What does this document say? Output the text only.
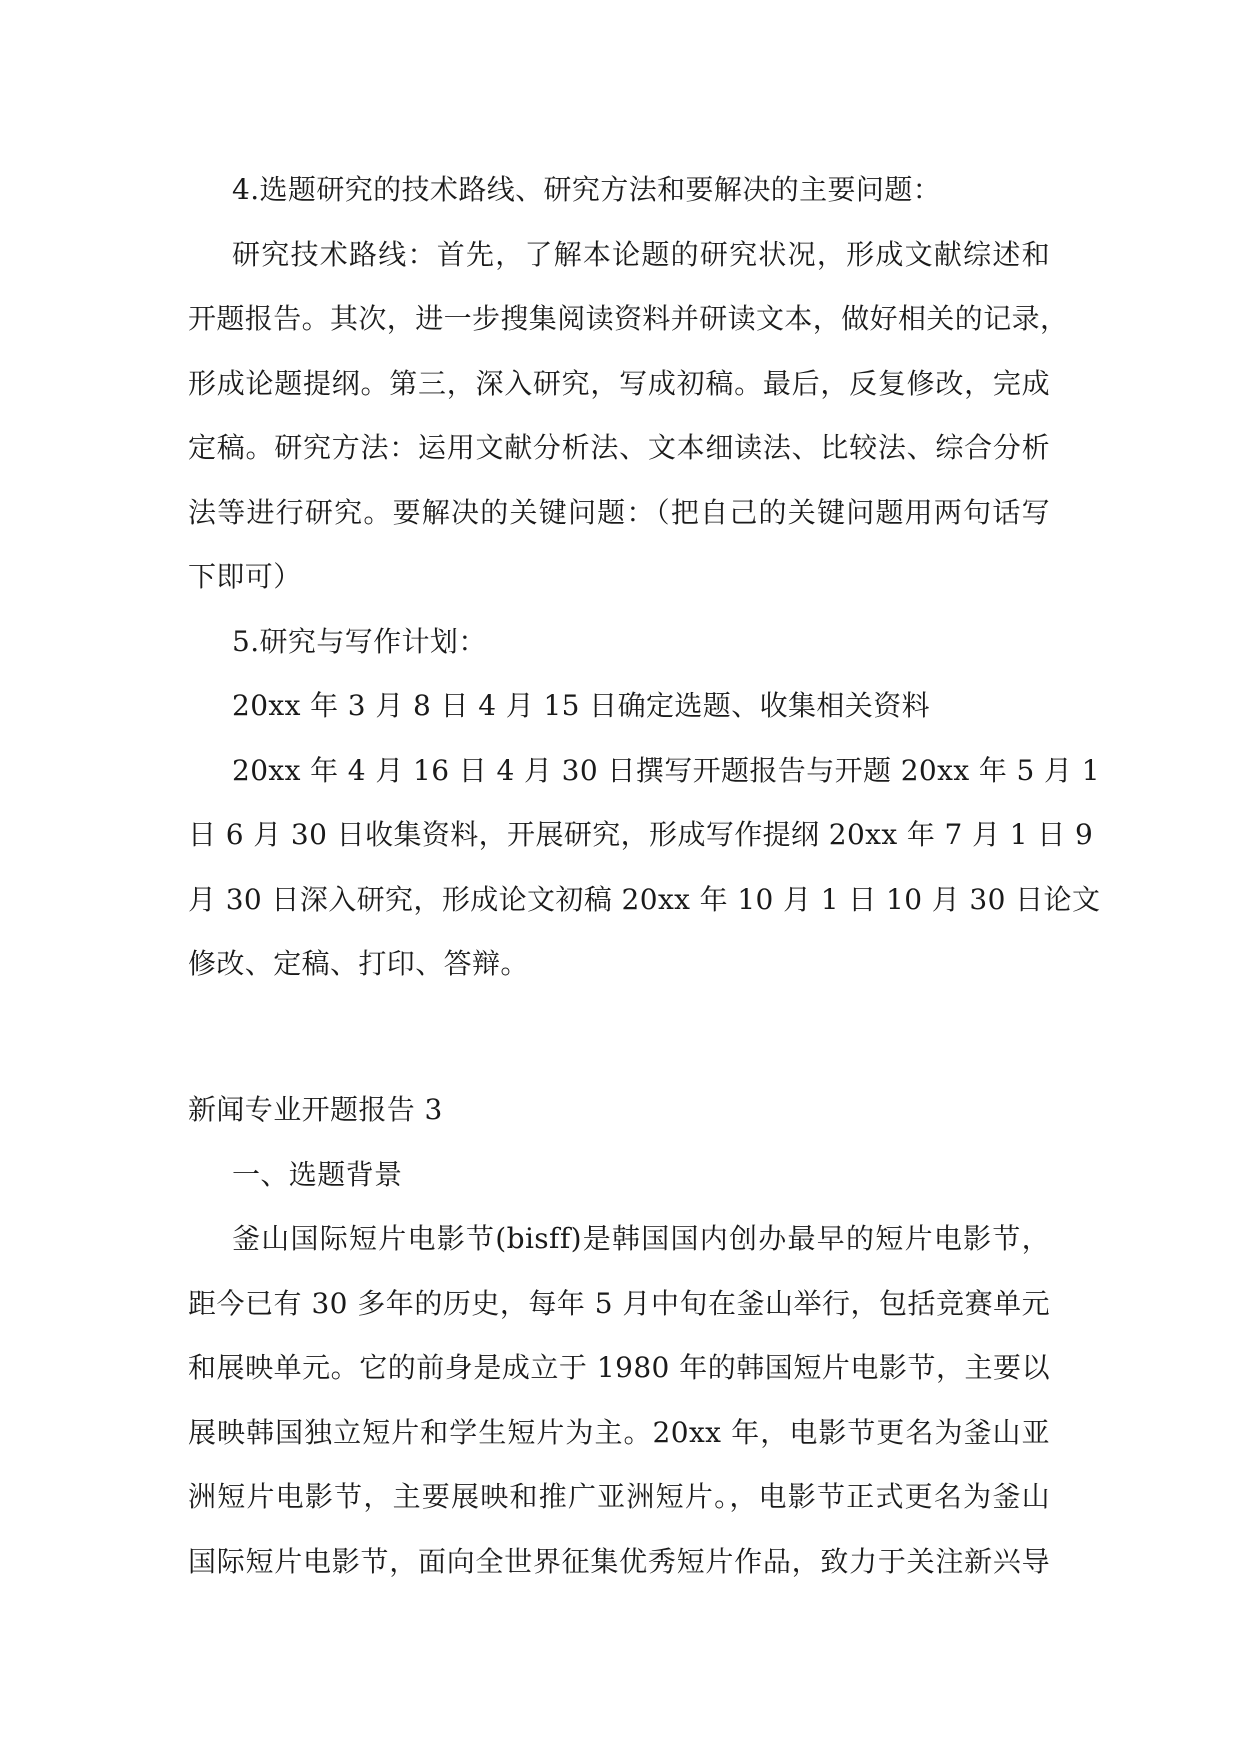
4.选题研究的技术路线、研究方法和要解决的主要问题：
研究技术路线：首先，了解本论题的研究状况，形成文献综述和
开题报告。其次，进一步搜集阅读资料并研读文本，做好相关的记录，
形成论题提纲。第三，深入研究，写成初稿。最后，反复修改，完成
定稿。研究方法：运用文献分析法、文本细读法、比较法、综合分析
法等进行研究。要解决的关键问题：（把自己的关键问题用两句话写
下即可）
5.研究与写作计划：
20xx 年 3 月 8 日 4 月 15 日确定选题、收集相关资料
20xx 年 4 月 16 日 4 月 30 日撰写开题报告与开题 20xx 年 5 月 1
日 6 月 30 日收集资料，开展研究，形成写作提纲 20xx 年 7 月 1 日 9
月 30 日深入研究，形成论文初稿 20xx 年 10 月 1 日 10 月 30 日论文
修改、定稿、打印、答辩。
新闻专业开题报告 3
一、选题背景
釜山国际短片电影节(bisff)是韩国国内创办最早的短片电影节，
距今已有 30 多年的历史，每年 5 月中旬在釜山举行，包括竞赛单元
和展映单元。它的前身是成立于 1980 年的韩国短片电影节，主要以
展映韩国独立短片和学生短片为主。20xx 年，电影节更名为釜山亚
洲短片电影节，主要展映和推广亚洲短片。，电影节正式更名为釜山
国际短片电影节，面向全世界征集优秀短片作品，致力于关注新兴导
